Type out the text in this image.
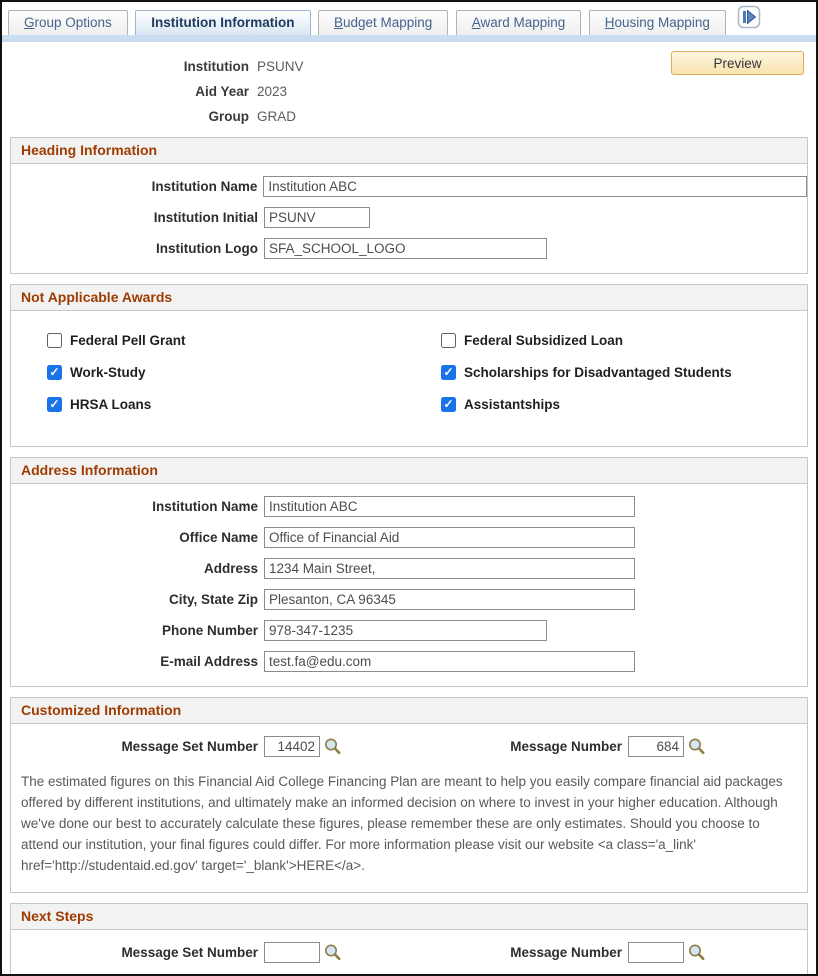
Group Options	Institution Information	Budget Mapping	Award Mapping	Housing Mapping
Institution PSUNV
Aid Year 2023
Group GRAD
Preview
Heading Information
Institution Name
Institution ABC
Institution Initial
PSUNV
Institution Logo
SFA_SCHOOL_LOGO
Not Applicable Awards
Federal Pell Grant
✓
Work-Study
✓
HRSA Loans
Federal Subsidized Loan
✓
Scholarships for Disadvantaged Students
✓
Assistantships
Address Information
Institution Name
Institution ABC
Office Name
Office of Financial Aid
Address
1234 Main Street,
City, State Zip
Plesanton, CA 96345
Phone Number
978-347-1235
E-mail Address
test.fa@edu.com
Customized Information
Message Set Number
14402	Message Number
684
The estimated figures on this Financial Aid College Financing Plan are meant to help you easily compare financial aid packages offered by different institutions, and ultimately make an informed decision on where to invest in your higher education. Although we've done our best to accurately calculate these figures, please remember these are only estimates. Should you choose to attend our institution, your final figures could differ. For more information please visit our website <a class='a_link' href='http://studentaid.ed.gov' target='_blank'>HERE</a>.
Next Steps
Message Set Number	Message Number
